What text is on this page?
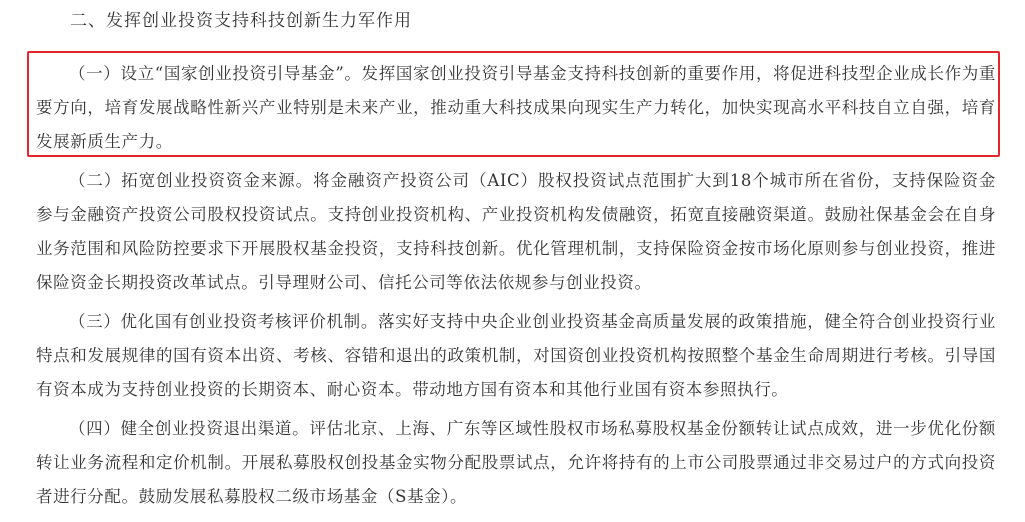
二、发挥创业投资支持科技创新生力军作用

（一）设立“国家创业投资引导基金”。发挥国家创业投资引导基金支持科技创新的重要作用，将促进科技型企业成长作为重要方向，培育发展战略性新兴产业特别是未来产业，推动重大科技成果向现实生产力转化，加快实现高水平科技自立自强，培育发展新质生产力。

（二）拓宽创业投资资金来源。将金融资产投资公司（AIC）股权投资试点范围扩大到18个城市所在省份，支持保险资金参与金融资产投资公司股权投资试点。支持创业投资机构、产业投资机构发债融资，拓宽直接融资渠道。鼓励社保基金会在自身业务范围和风险防控要求下开展股权基金投资，支持科技创新。优化管理机制，支持保险资金按市场化原则参与创业投资，推进保险资金长期投资改革试点。引导理财公司、信托公司等依法依规参与创业投资。

（三）优化国有创业投资考核评价机制。落实好支持中央企业创业投资基金高质量发展的政策措施，健全符合创业投资行业特点和发展规律的国有资本出资、考核、容错和退出的政策机制，对国资创业投资机构按照整个基金生命周期进行考核。引导国有资本成为支持创业投资的长期资本、耐心资本。带动地方国有资本和其他行业国有资本参照执行。

（四）健全创业投资退出渠道。评估北京、上海、广东等区域性股权市场私募股权基金份额转让试点成效，进一步优化份额转让业务流程和定价机制。开展私募股权创投基金实物分配股票试点，允许将持有的上市公司股票通过非交易过户的方式向投资者进行分配。鼓励发展私募股权二级市场基金（S基金）。
